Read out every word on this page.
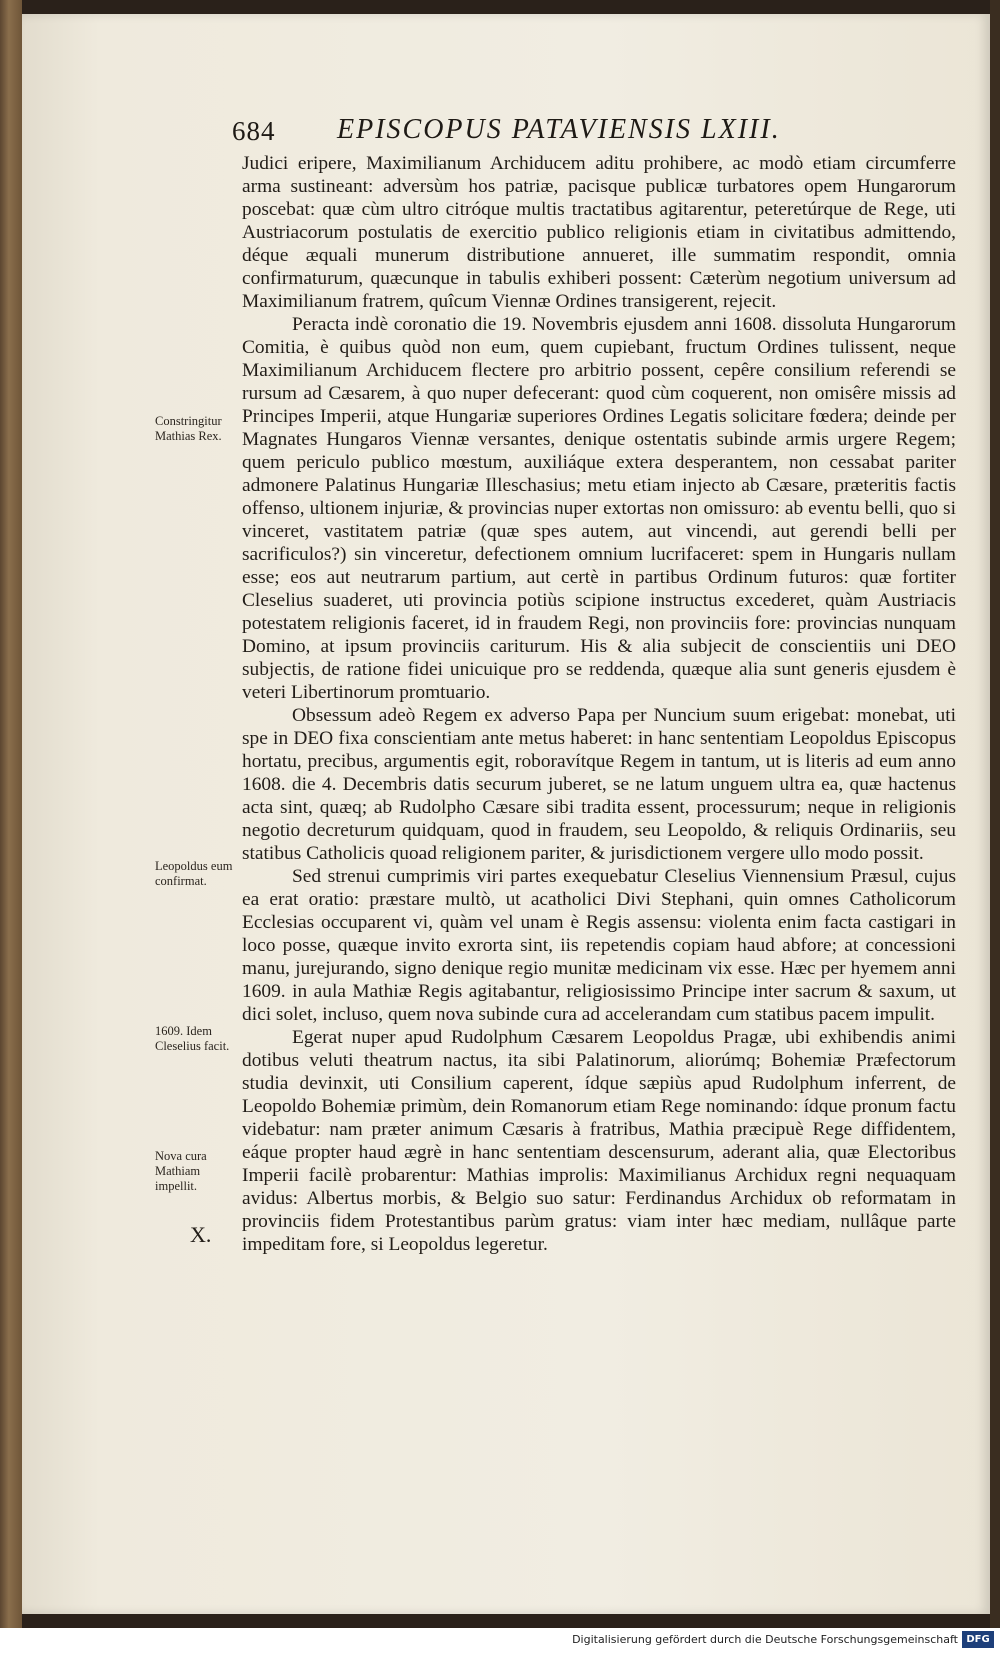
684 EPISCOPUS PATAVIENSIS LXIII.
Constringitur Mathias Rex.
Leopoldus eum confirmat.
1609. Idem Cleselius facit.
Nova cura Mathiam impellit.
X.

Judici eripere, Maximilianum Archiducem aditu prohibere, ac modò etiam circumferre arma sustineant: adversùm hos patriæ, pacisque publicæ turbatores opem Hungarorum poscebat: quæ cùm ultro citróque multis tractatibus agitarentur, peteretúrque de Rege, uti Austriacorum postulatis de exercitio publico religionis etiam in civitatibus admittendo, déque æquali munerum distributione annueret, ille summatim respondit, omnia confirmaturum, quæcunque in tabulis exhiberi possent: Cæterùm negotium universum ad Maximilianum fratrem, quîcum Viennæ Ordines transigerent, rejecit.

Peracta indè coronatio die 19. Novembris ejusdem anni 1608. dissoluta Hungarorum Comitia, è quibus quòd non eum, quem cupiebant, fructum Ordines tulissent, neque Maximilianum Archiducem flectere pro arbitrio possent, cepêre consilium referendi se rursum ad Cæsarem, à quo nuper defecerant: quod cùm coquerent, non omisêre missis ad Principes Imperii, atque Hungariæ superiores Ordines Legatis solicitare fœdera; deinde per Magnates Hungaros Viennæ versantes, denique ostentatis subinde armis urgere Regem; quem periculo publico mœstum, auxiliáque extera desperantem, non cessabat pariter admonere Palatinus Hungariæ Illeschasius; metu etiam injecto ab Cæsare, præteritis factis offenso, ultionem injuriæ, & provincias nuper extortas non omissuro: ab eventu belli, quo si vinceret, vastitatem patriæ (quæ spes autem, aut vincendi, aut gerendi belli per sacrificulos?) sin vinceretur, defectionem omnium lucrifaceret: spem in Hungaris nullam esse; eos aut neutrarum partium, aut certè in partibus Ordinum futuros: quæ fortiter Cleselius suaderet, uti provincia potiùs scipione instructus excederet, quàm Austriacis potestatem religionis faceret, id in fraudem Regi, non provinciis fore: provincias nunquam Domino, at ipsum provinciis cariturum. His & alia subjecit de conscientiis uni DEO subjectis, de ratione fidei unicuique pro se reddenda, quæque alia sunt generis ejusdem è veteri Libertinorum promtuario.

Obsessum adeò Regem ex adverso Papa per Nuncium suum erigebat: monebat, uti spe in DEO fixa conscientiam ante metus haberet: in hanc sententiam Leopoldus Episcopus hortatu, precibus, argumentis egit, roboravítque Regem in tantum, ut is literis ad eum anno 1608. die 4. Decembris datis securum juberet, se ne latum unguem ultra ea, quæ hactenus acta sint, quæq; ab Rudolpho Cæsare sibi tradita essent, processurum; neque in religionis negotio decreturum quidquam, quod in fraudem, seu Leopoldo, & reliquis Ordinariis, seu statibus Catholicis quoad religionem pariter, & jurisdictionem vergere ullo modo possit.

Sed strenui cumprimis viri partes exequebatur Cleselius Viennensium Præsul, cujus ea erat oratio: præstare multò, ut acatholici Divi Stephani, quin omnes Catholicorum Ecclesias occuparent vi, quàm vel unam è Regis assensu: violenta enim facta castigari in loco posse, quæque invito exrorta sint, iis repetendis copiam haud abfore; at concessioni manu, jurejurando, signo denique regio munitæ medicinam vix esse. Hæc per hyemem anni 1609. in aula Mathiæ Regis agitabantur, religiosissimo Principe inter sacrum & saxum, ut dici solet, incluso, quem nova subinde cura ad accelerandam cum statibus pacem impulit.

Egerat nuper apud Rudolphum Cæsarem Leopoldus Pragæ, ubi exhibendis animi dotibus veluti theatrum nactus, ita sibi Palatinorum, aliorúmq; Bohemiæ Præfectorum studia devinxit, uti Consilium caperent, ídque sæpiùs apud Rudolphum inferrent, de Leopoldo Bohemiæ primùm, dein Romanorum etiam Rege nominando: ídque pronum factu videbatur: nam præter animum Cæsaris à fratribus, Mathia præcipuè Rege diffidentem, eáque propter haud ægrè in hanc sententiam descensurum, aderant alia, quæ Electoribus Imperii facilè probarentur: Mathias improlis: Maximilianus Archidux regni nequaquam avidus: Albertus morbis, & Belgio suo satur: Ferdinandus Archidux ob reformatam in provinciis fidem Protestantibus parùm gratus: viam inter hæc mediam, nullâque parte impeditam fore, si Leopoldus legeretur.

Digitalisierung gefördert durch die Deutsche Forschungsgemeinschaft DFG
